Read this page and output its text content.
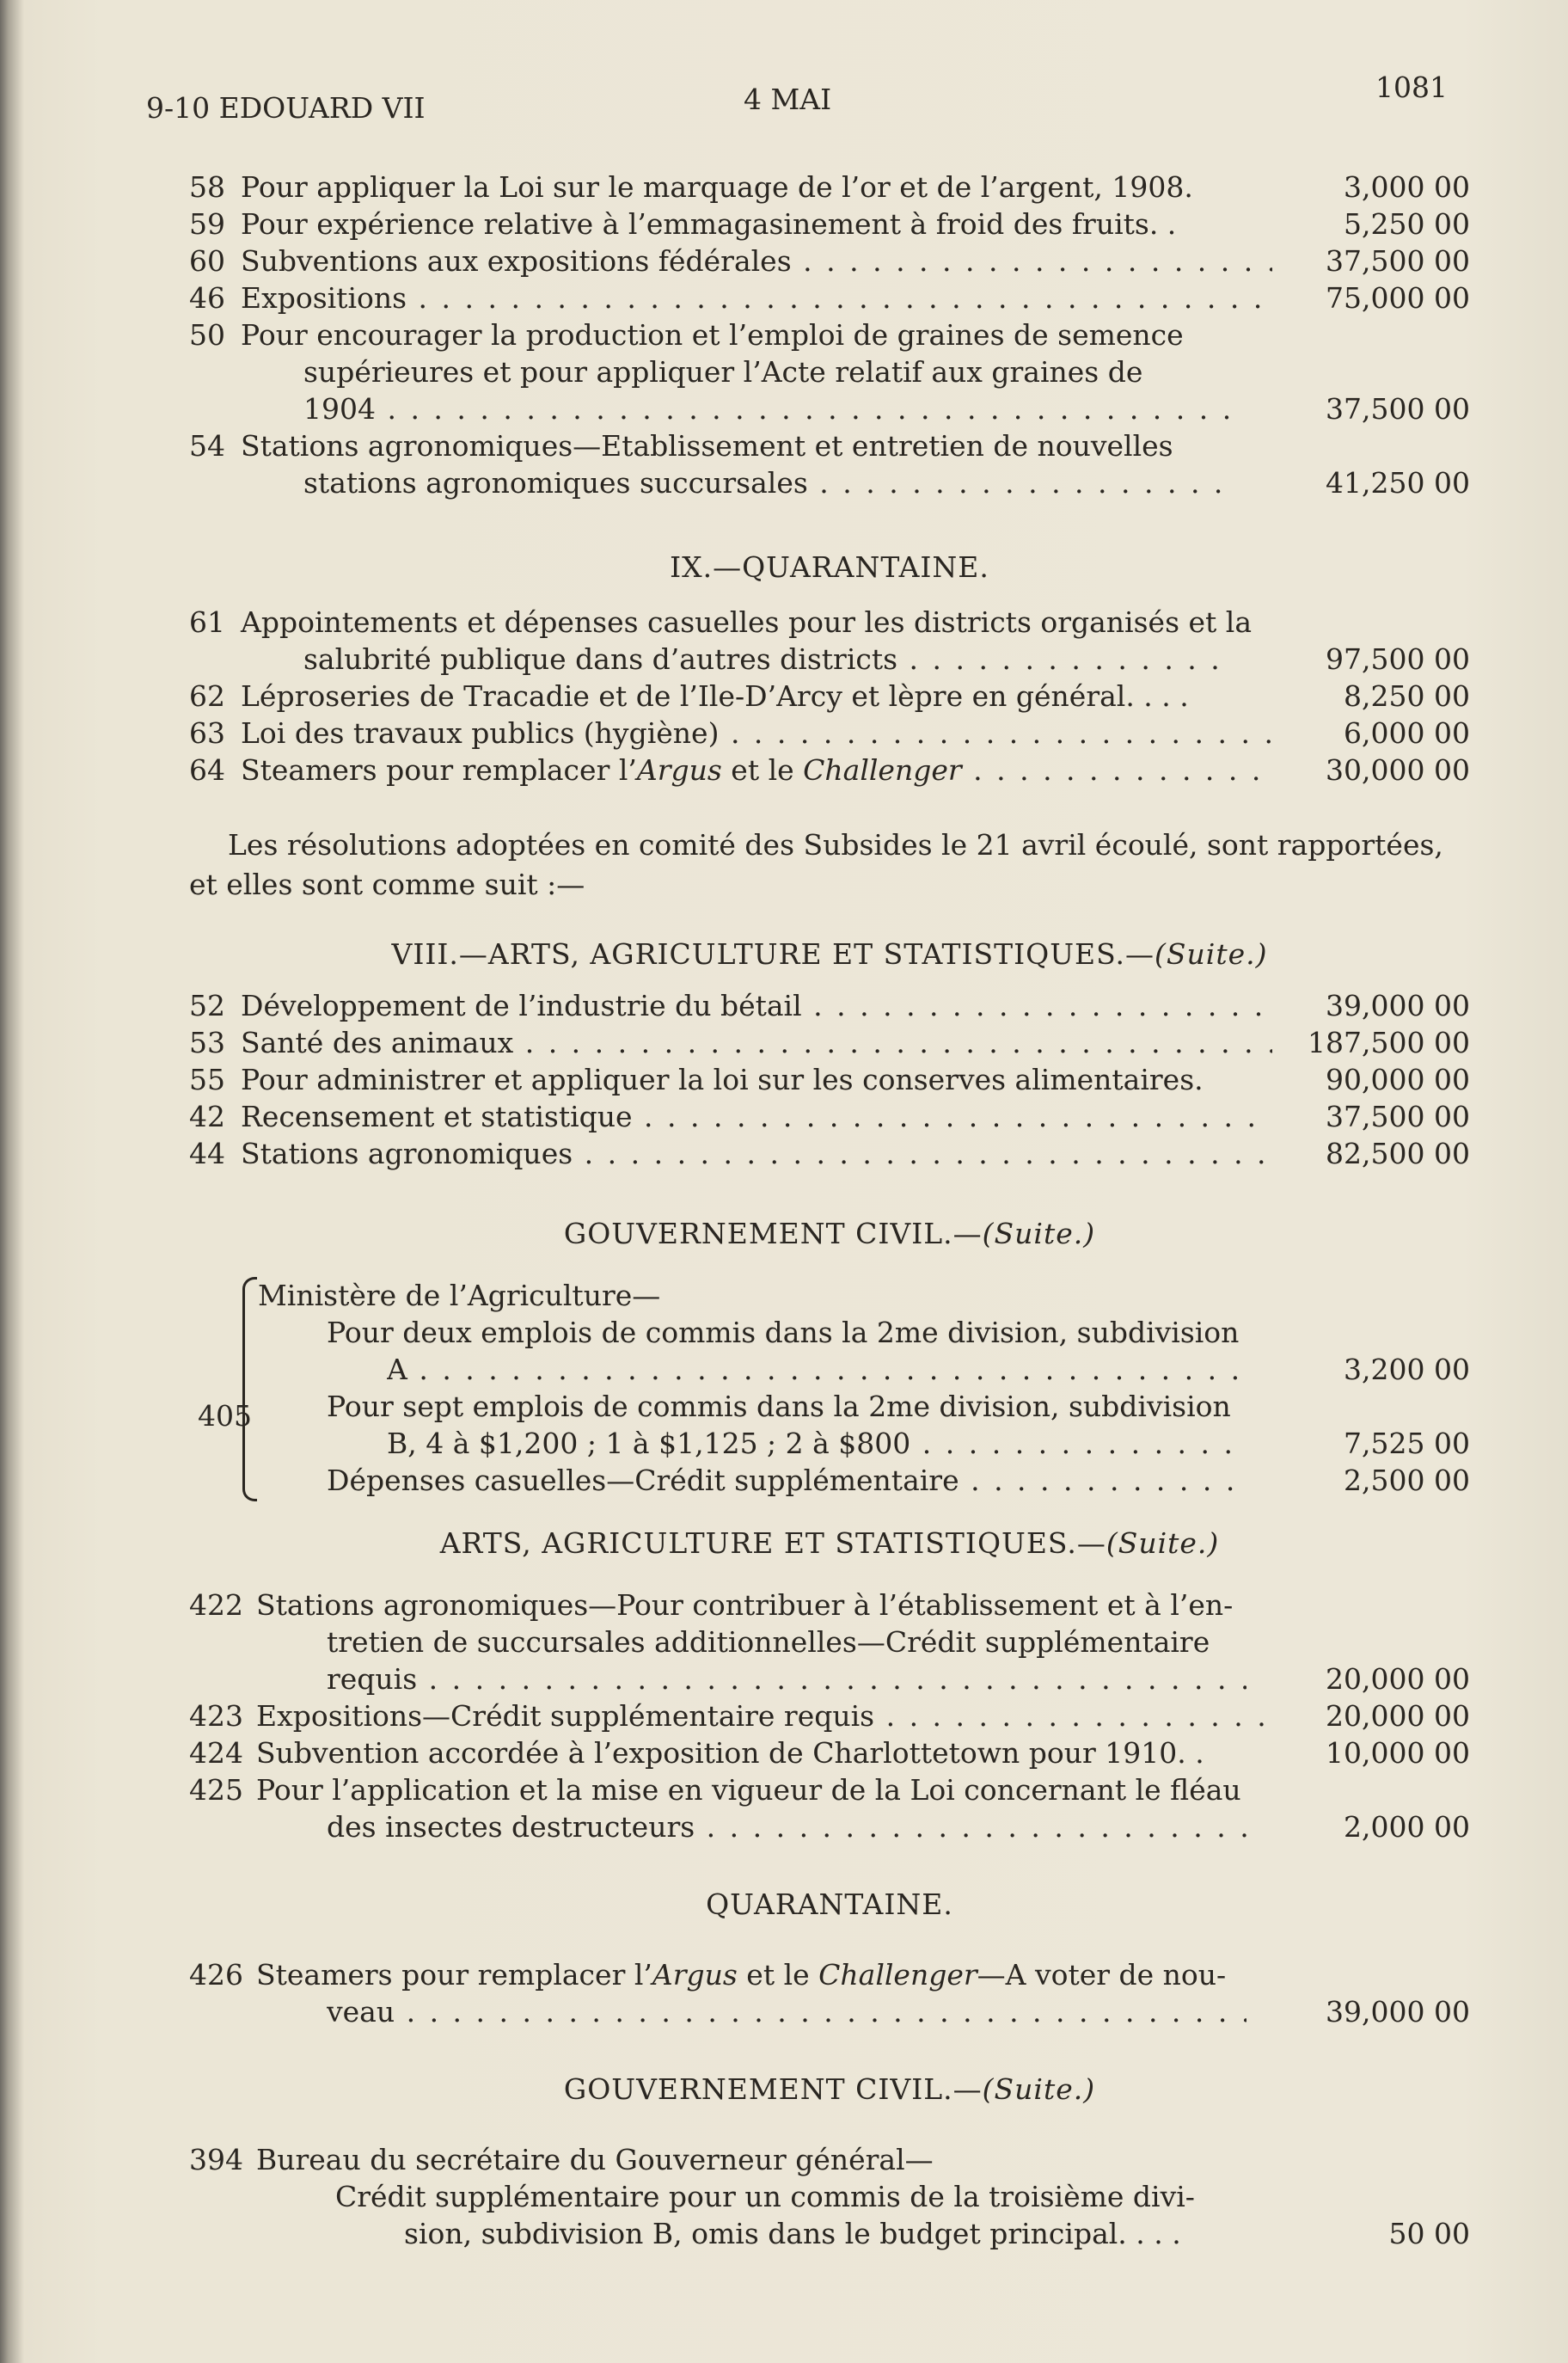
9-10 EDOUARD VII	4 MAI	1081
58 Pour appliquer la Loi sur le marquage de l’or et de l’argent, 1908.	3,000 00
59 Pour expérience relative à l’emmagasinement à froid des fruits. .	5,250 00
60 Subventions aux expositions fédérales . . .	37,500 00
46 Expositions . . .	75,000 00
50 Pour encourager la production et l’emploi de graines de semence
supérieures et pour appliquer l’Acte relatif aux graines de
1904 . . .	37,500 00
54 Stations agronomiques—Etablissement et entretien de nouvelles
stations agronomiques succursales . . .	41,250 00
IX.—QUARANTAINE.
61 Appointements et dépenses casuelles pour les districts organisés et la
salubrité publique dans d’autres districts . . .	97,500 00
62 Léproseries de Tracadie et de l’Ile-D’Arcy et lèpre en général. . . .	8,250 00
63 Loi des travaux publics (hygiène) . . .	6,000 00
64 Steamers pour remplacer l’Argus et le Challenger . . .	30,000 00
Les résolutions adoptées en comité des Subsides le 21 avril écoulé, sont rapportées, et elles sont comme suit :—
VIII.—ARTS, AGRICULTURE ET STATISTIQUES.—(Suite.)
52 Développement de l’industrie du bétail . . .	39,000 00
53 Santé des animaux . . .	187,500 00
55 Pour administrer et appliquer la loi sur les conserves alimentaires.	90,000 00
42 Recensement et statistique . . .	37,500 00
44 Stations agronomiques . . .	82,500 00
GOUVERNEMENT CIVIL.—(Suite.)
405
Ministère de l’Agriculture—
Pour deux emplois de commis dans la 2me division, subdivision
A . . .	3,200 00
Pour sept emplois de commis dans la 2me division, subdivision
B, 4 à $1,200 ; 1 à $1,125 ; 2 à $800 . . .	7,525 00
Dépenses casuelles—Crédit supplémentaire . . .	2,500 00
ARTS, AGRICULTURE ET STATISTIQUES.—(Suite.)
422 Stations agronomiques—Pour contribuer à l’établissement et à l’en-
tretien de succursales additionnelles—Crédit supplémentaire
requis . . .	20,000 00
423 Expositions—Crédit supplémentaire requis . . .	20,000 00
424 Subvention accordée à l’exposition de Charlottetown pour 1910. .	10,000 00
425 Pour l’application et la mise en vigueur de la Loi concernant le fléau
des insectes destructeurs . . .	2,000 00
QUARANTAINE.
426 Steamers pour remplacer l’Argus et le Challenger—A voter de nou-
veau . . .	39,000 00
GOUVERNEMENT CIVIL.—(Suite.)
394 Bureau du secrétaire du Gouverneur général—
Crédit supplémentaire pour un commis de la troisième divi-
sion, subdivision B, omis dans le budget principal. . . .	50 00
